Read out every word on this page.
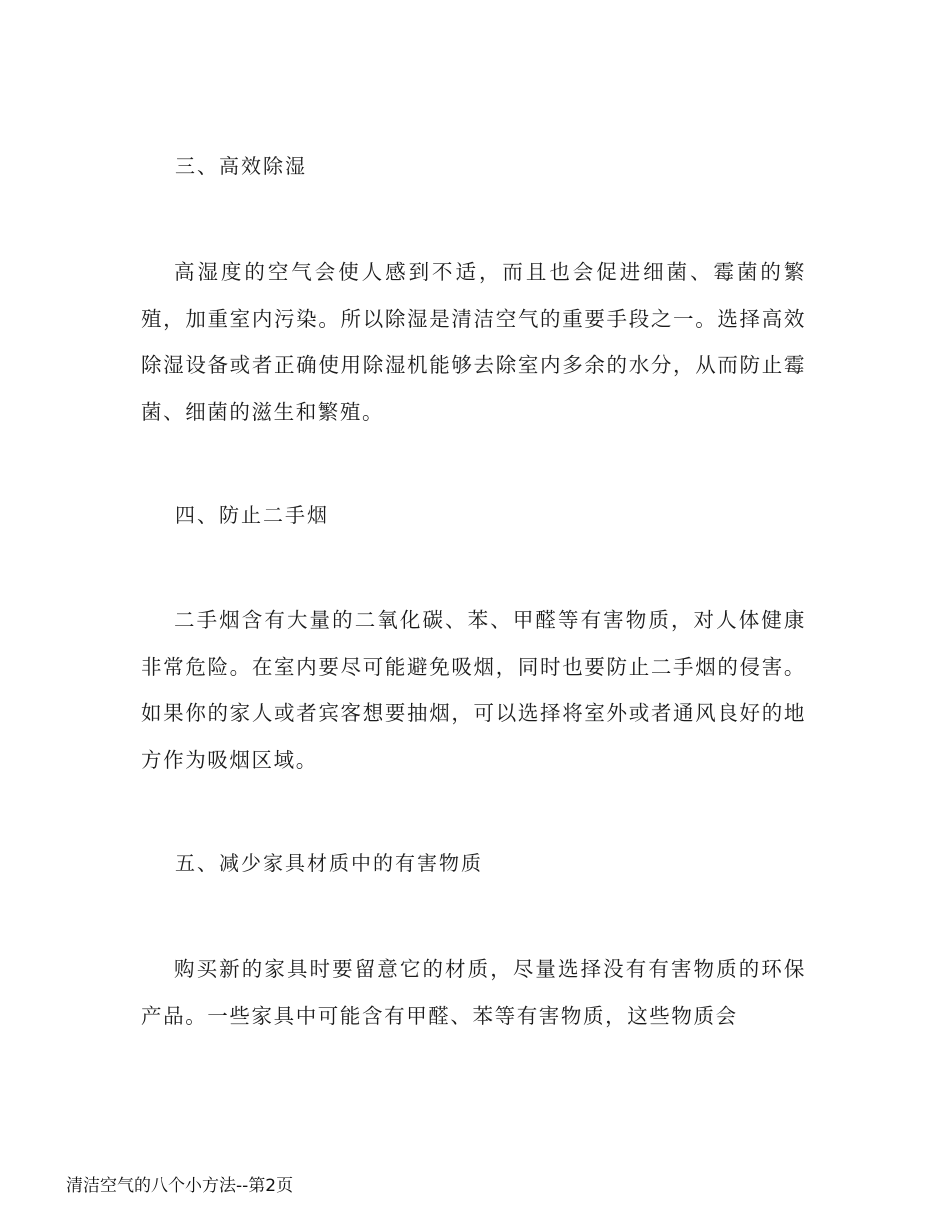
三、高效除湿

高湿度的空气会使人感到不适，而且也会促进细菌、霉菌的繁殖，加重室内污染。所以除湿是清洁空气的重要手段之一。选择高效除湿设备或者正确使用除湿机能够去除室内多余的水分，从而防止霉菌、细菌的滋生和繁殖。

四、防止二手烟

二手烟含有大量的二氧化碳、苯、甲醛等有害物质，对人体健康非常危险。在室内要尽可能避免吸烟，同时也要防止二手烟的侵害。如果你的家人或者宾客想要抽烟，可以选择将室外或者通风良好的地方作为吸烟区域。

五、减少家具材质中的有害物质

购买新的家具时要留意它的材质，尽量选择没有有害物质的环保产品。一些家具中可能含有甲醛、苯等有害物质，这些物质会

清洁空气的八个小方法--第2页
